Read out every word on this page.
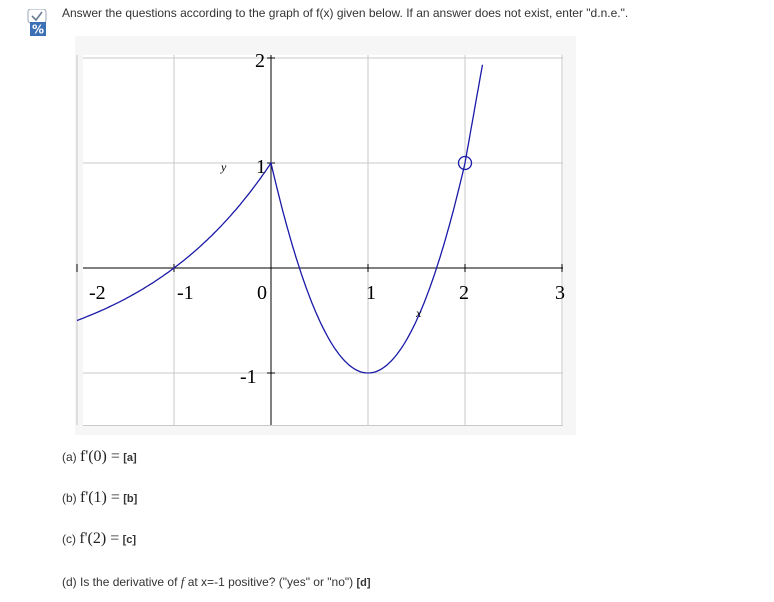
%
Answer the questions according to the graph of f(x) given below. If an answer does not exist, enter "d.n.e.".
-2	-1	0	1	2	3
2
1
-1
y
x
(a) f'(0) = [a]
(b) f'(1) = [b]
(c) f'(2) = [c]
(d) Is the derivative of f at x=-1 positive? ("yes" or "no") [d]
